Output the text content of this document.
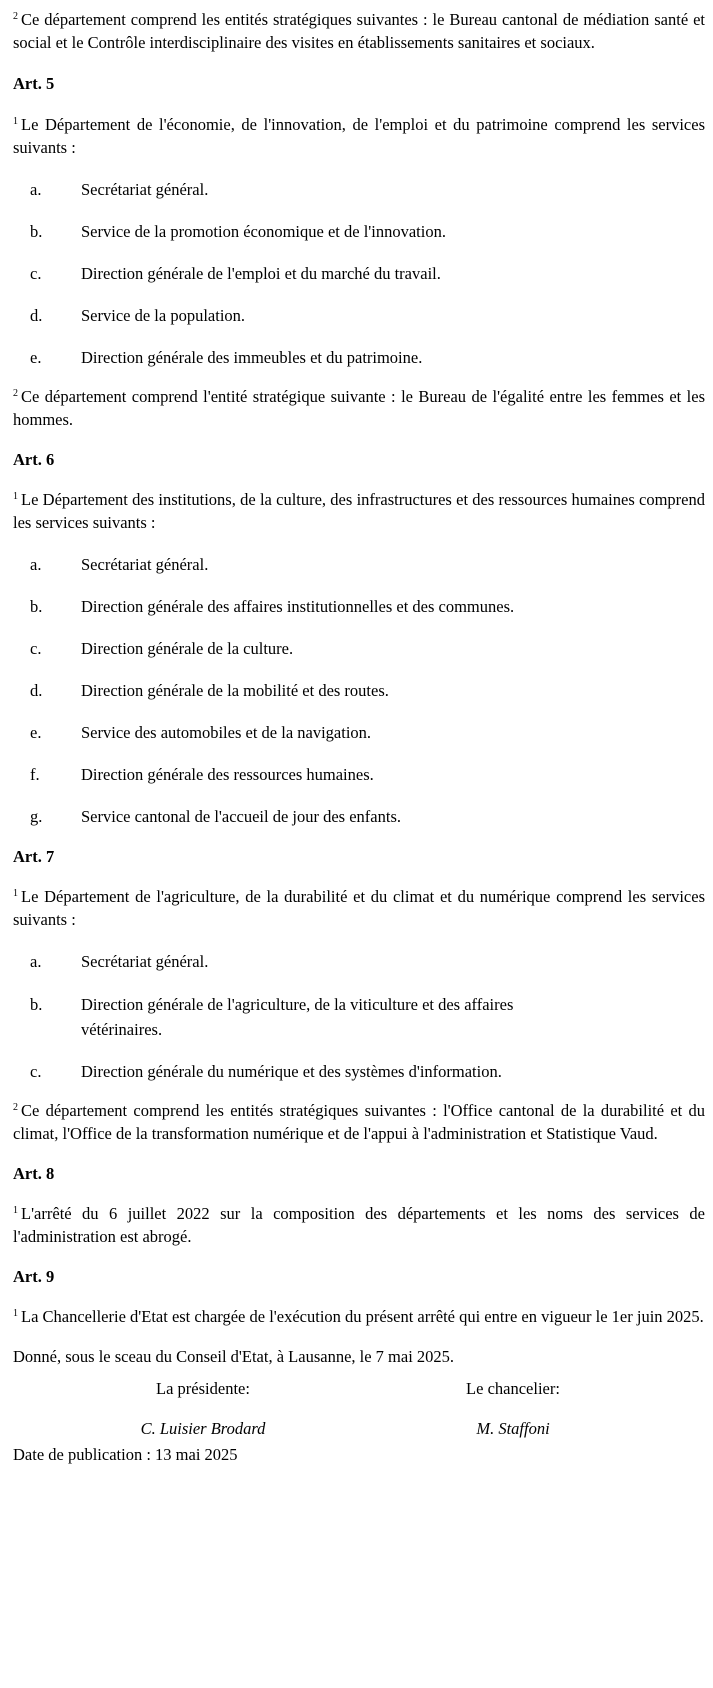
$^2$ Ce département comprend les entités stratégiques suivantes : le Bureau cantonal de médiation santé et social et le Contrôle interdisciplinaire des visites en établissements sanitaires et sociaux.

Art. 5

$^1$ Le Département de l'économie, de l'innovation, de l'emploi et du patrimoine comprend les services suivants :

a. Secrétariat général.
b. Service de la promotion économique et de l'innovation.
c. Direction générale de l'emploi et du marché du travail.
d. Service de la population.
e. Direction générale des immeubles et du patrimoine.

$^2$ Ce département comprend l'entité stratégique suivante : le Bureau de l'égalité entre les femmes et les hommes.

Art. 6

$^1$ Le Département des institutions, de la culture, des infrastructures et des ressources humaines comprend les services suivants :

a. Secrétariat général.
b. Direction générale des affaires institutionnelles et des communes.
c. Direction générale de la culture.
d. Direction générale de la mobilité et des routes.
e. Service des automobiles et de la navigation.
f.	Direction générale des ressources humaines.
g. Service cantonal de l'accueil de jour des enfants.

Art. 7

$^1$ Le Département de l'agriculture, de la durabilité et du climat et du numérique comprend les services suivants :

a. Secrétariat général.
b. Direction générale de l'agriculture, de la viticulture et des affaires vétérinaires.
c. Direction générale du numérique et des systèmes d'information.

$^2$ Ce département comprend les entités stratégiques suivantes : l'Office cantonal de la durabilité et du climat, l'Office de la transformation numérique et de l'appui à l'administration et Statistique Vaud.

Art. 8

$^1$ L'arrêté du 6 juillet 2022 sur la composition des départements et les noms des services de l'administration est abrogé.

Art. 9

$^1$ La Chancellerie d'Etat est chargée de l'exécution du présent arrêté qui entre en vigueur le 1er juin 2025.

Donné, sous le sceau du Conseil d'Etat, à Lausanne, le 7 mai 2025.

La présidente:
C. Luisier Brodard
Le chancelier:
M. Staffoni

Date de publication : 13 mai 2025
